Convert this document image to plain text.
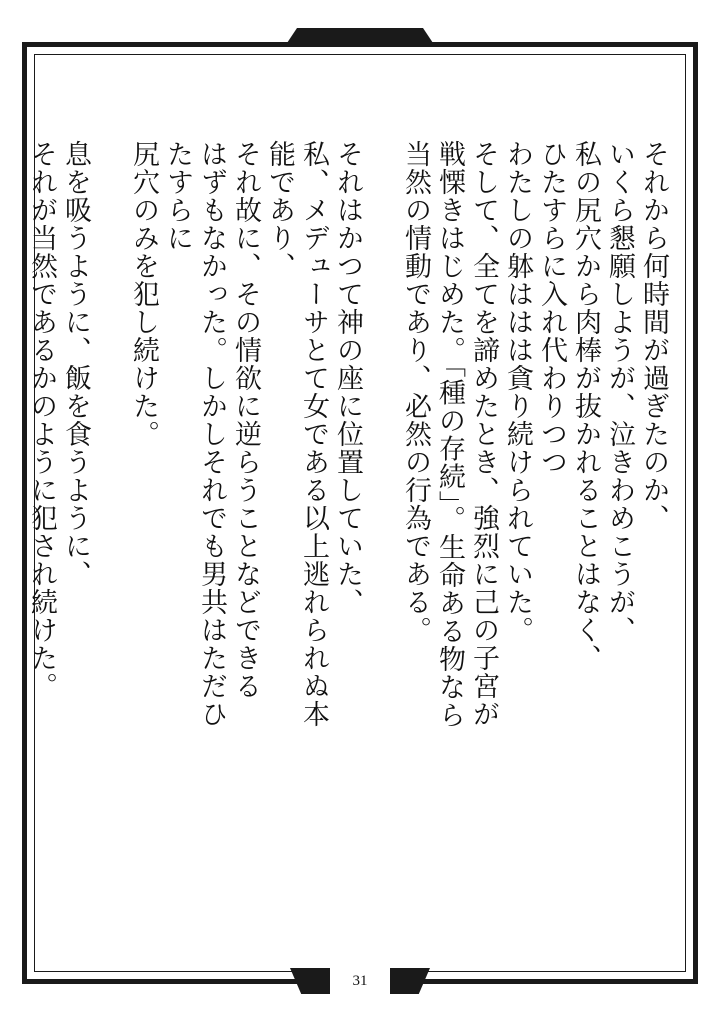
それから何時間が過ぎたのか、
いくら懇願しようが、泣きわめこうが、
私の尻穴から肉棒が抜かれることはなく、
ひたすらに入れ代わりつつ
わたしの躰ははは貪り続けられていた。
そして、全てを諦めたとき、強烈に己の子宮が
戦慄きはじめた。「種の存続」。生命ある物なら
当然の情動であり、必然の行為である。
それはかつて神の座に位置していた、
私、メデューサとて女である以上逃れられぬ本能であり、
それ故に、その情欲に逆らうことなどできる
はずもなかった。しかしそれでも男共はただひたすらに
尻穴のみを犯し続けた。
息を吸うように、飯を食うように、
それが当然であるかのように犯され続けた。
31
